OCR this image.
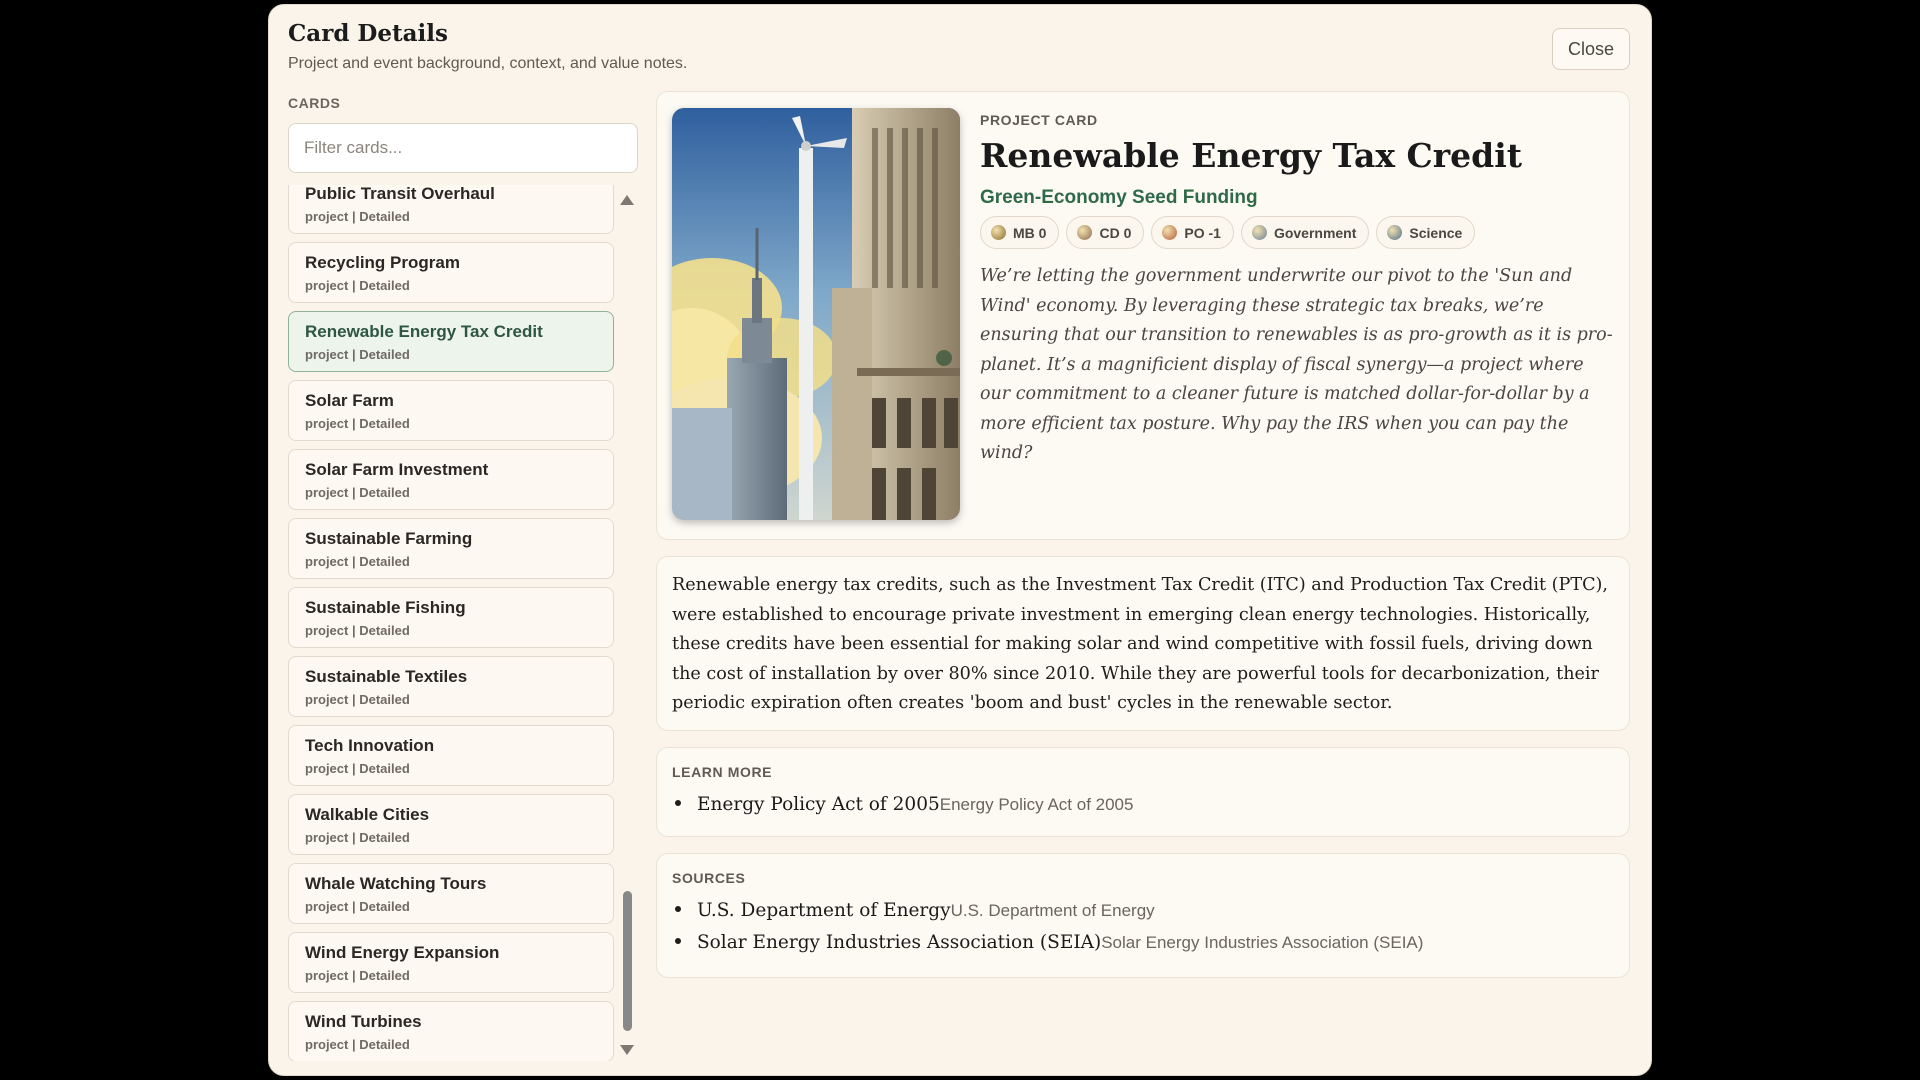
Card Details
Project and event background, context, and value notes.
Close
CARDS
Filter cards...
Public Transit Overhaul
project | Detailed
Recycling Program
project | Detailed
Renewable Energy Tax Credit
project | Detailed
Solar Farm
project | Detailed
Solar Farm Investment
project | Detailed
Sustainable Farming
project | Detailed
Sustainable Fishing
project | Detailed
Sustainable Textiles
project | Detailed
Tech Innovation
project | Detailed
Walkable Cities
project | Detailed
Whale Watching Tours
project | Detailed
Wind Energy Expansion
project | Detailed
Wind Turbines
project | Detailed
PROJECT CARD
Renewable Energy Tax Credit
Green-Economy Seed Funding
MB 0	CD 0	PO -1	Government	Science
We’re letting the government underwrite our pivot to the 'Sun and Wind' economy. By leveraging these strategic tax breaks, we’re ensuring that our transition to renewables is as pro-growth as it is pro-planet. It’s a magnificient display of fiscal synergy—a project where our commitment to a cleaner future is matched dollar-for-dollar by a more efficient tax posture. Why pay the IRS when you can pay the wind?
Renewable energy tax credits, such as the Investment Tax Credit (ITC) and Production Tax Credit (PTC), were established to encourage private investment in emerging clean energy technologies. Historically, these credits have been essential for making solar and wind competitive with fossil fuels, driving down the cost of installation by over 80% since 2010. While they are powerful tools for decarbonization, their periodic expiration often creates 'boom and bust' cycles in the renewable sector.
LEARN MORE
Energy Policy Act of 2005 Energy Policy Act of 2005
SOURCES
U.S. Department of Energy U.S. Department of Energy
Solar Energy Industries Association (SEIA) Solar Energy Industries Association (SEIA)
